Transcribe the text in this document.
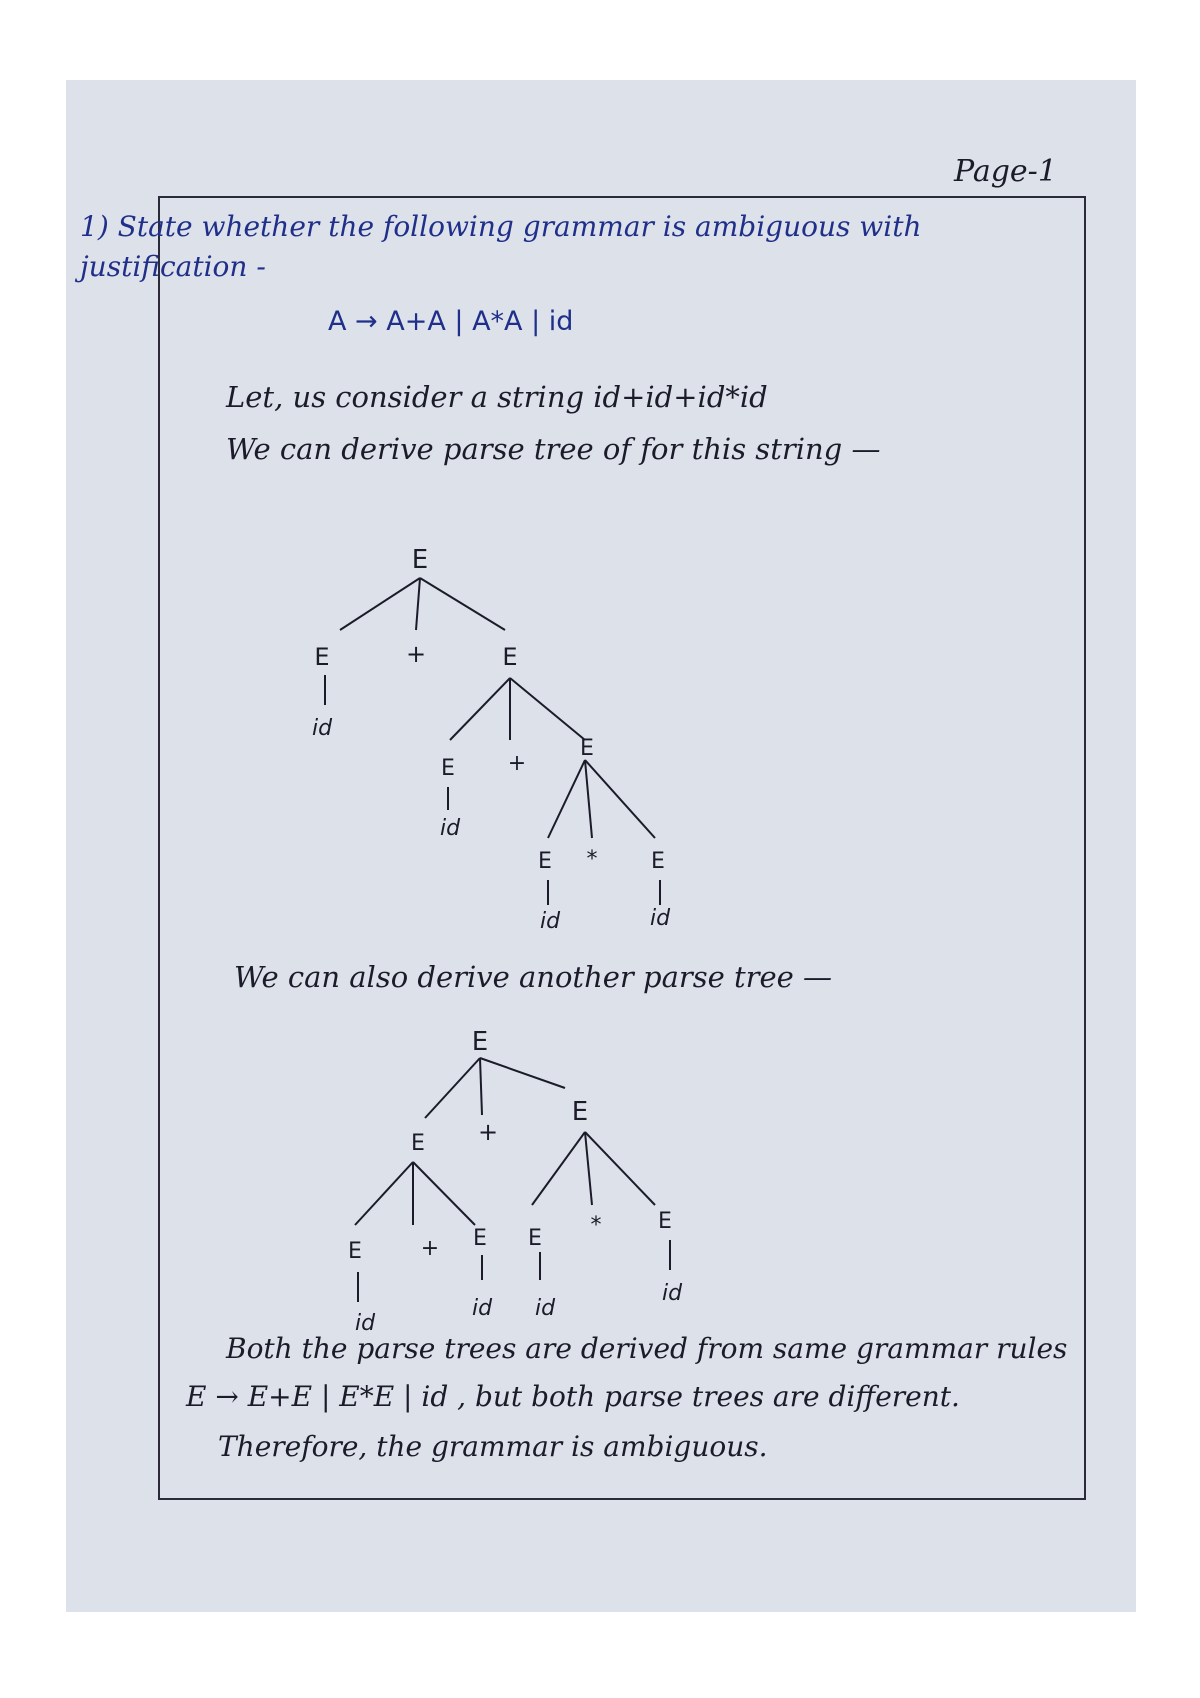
Page-1
1) State whether the following grammar is ambiguous with
justification -
A → A+A | A*A | id
Let, us consider a string id+id+id*id
We can derive parse tree of for this string —
We can also derive another parse tree —
Both the parse trees are derived from same grammar rules
E → E+E | E*E | id , but both parse trees are different.
Therefore, the grammar is ambiguous.
E
E	+	E
id
E +
E
id
E * E
id	id
E
E +
E
E	+ E E
*	E
id
id id
id
